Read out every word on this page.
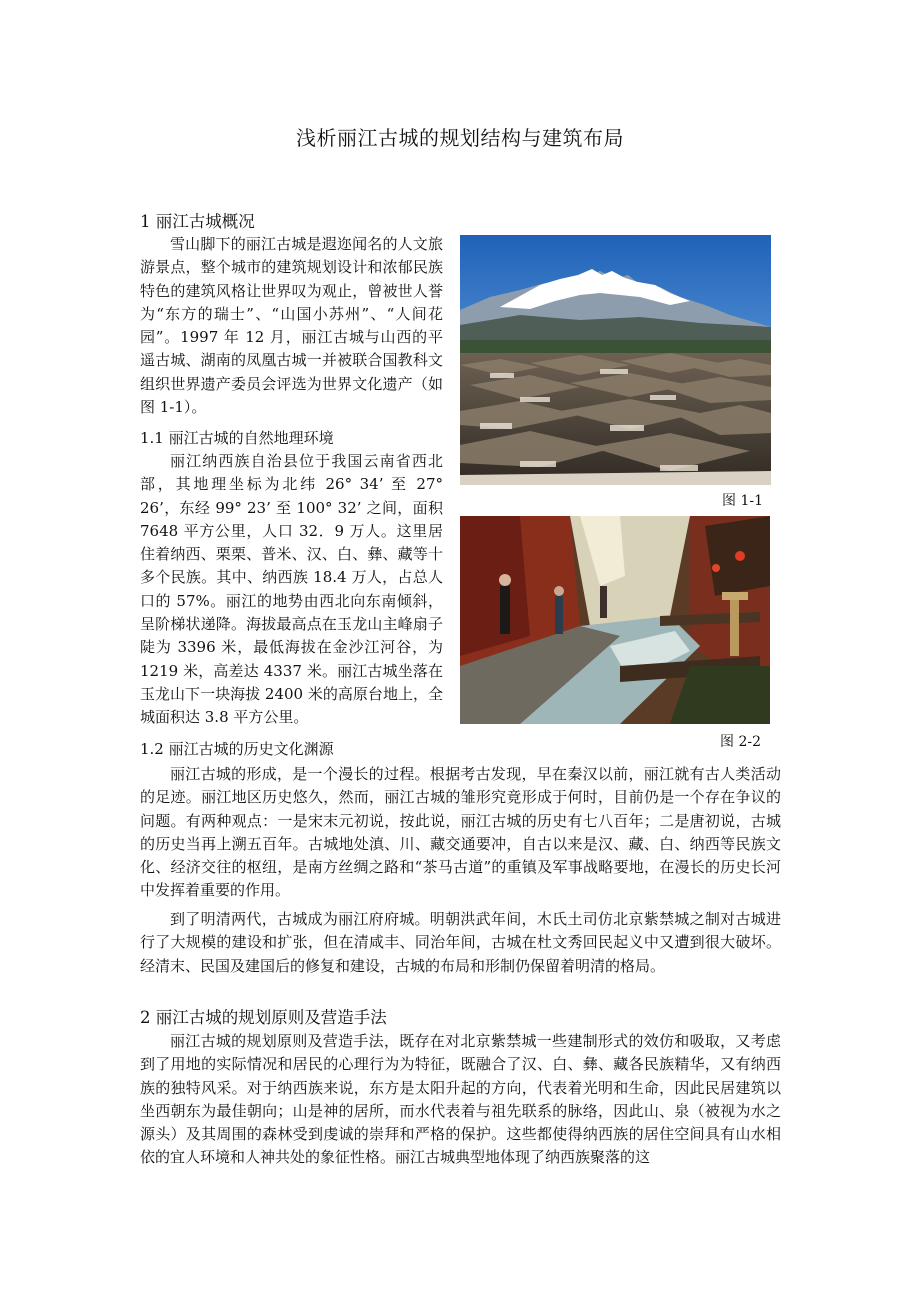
浅析丽江古城的规划结构与建筑布局
1 丽江古城概况

雪山脚下的丽江古城是遐迩闻名的人文旅游景点，整个城市的建筑规划设计和浓郁民族特色的建筑风格让世界叹为观止，曾被世人誉为“东方的瑞士”、“山国小苏州”、“人间花园”。1997 年 12 月，丽江古城与山西的平遥古城、湖南的凤凰古城一并被联合国教科文组织世界遗产委员会评选为世界文化遗产（如图 1-1）。

1.1 丽江古城的自然地理环境

丽江纳西族自治县位于我国云南省西北部，其地理坐标为北纬 26° 34’ 至 27° 26’，东经 99° 23’ 至 100° 32’ 之间，面积 7648 平方公里，人口 32．9 万人。这里居住着纳西、栗栗、普米、汉、白、彝、藏等十多个民族。其中、纳西族 18.4 万人，占总人口的 57%。丽江的地势由西北向东南倾斜，呈阶梯状递降。海拔最高点在玉龙山主峰扇子陡为 3396 米，最低海拔在金沙江河谷，为 1219 米，高差达 4337 米。丽江古城坐落在玉龙山下一块海拔 2400 米的高原台地上，全城面积达 3.8 平方公里。

1.2 丽江古城的历史文化渊源

丽江古城的形成，是一个漫长的过程。根据考古发现，早在秦汉以前，丽江就有古人类活动的足迹。丽江地区历史悠久，然而，丽江古城的雏形究竟形成于何时，目前仍是一个存在争议的问题。有两种观点：一是宋末元初说，按此说，丽江古城的历史有七八百年；二是唐初说，古城的历史当再上溯五百年。古城地处滇、川、藏交通要冲，自古以来是汉、藏、白、纳西等民族文化、经济交往的枢纽，是南方丝绸之路和“茶马古道”的重镇及军事战略要地，在漫长的历史长河中发挥着重要的作用。

到了明清两代，古城成为丽江府府城。明朝洪武年间，木氏土司仿北京紫禁城之制对古城进行了大规模的建设和扩张，但在清咸丰、同治年间，古城在杜文秀回民起义中又遭到很大破坏。经清末、民国及建国后的修复和建设，古城的布局和形制仍保留着明清的格局。

2 丽江古城的规划原则及营造手法

丽江古城的规划原则及营造手法，既存在对北京紫禁城一些建制形式的效仿和吸取，又考虑到了用地的实际情况和居民的心理行为为特征，既融合了汉、白、彝、藏各民族精华，又有纳西族的独特风采。对于纳西族来说，东方是太阳升起的方向，代表着光明和生命，因此民居建筑以坐西朝东为最佳朝向；山是神的居所，而水代表着与祖先联系的脉络，因此山、泉（被视为水之源头）及其周围的森林受到虔诚的崇拜和严格的保护。这些都使得纳西族的居住空间具有山水相依的宜人环境和人神共处的象征性格。丽江古城典型地体现了纳西族聚落的这

图 1-1
图 2-2
